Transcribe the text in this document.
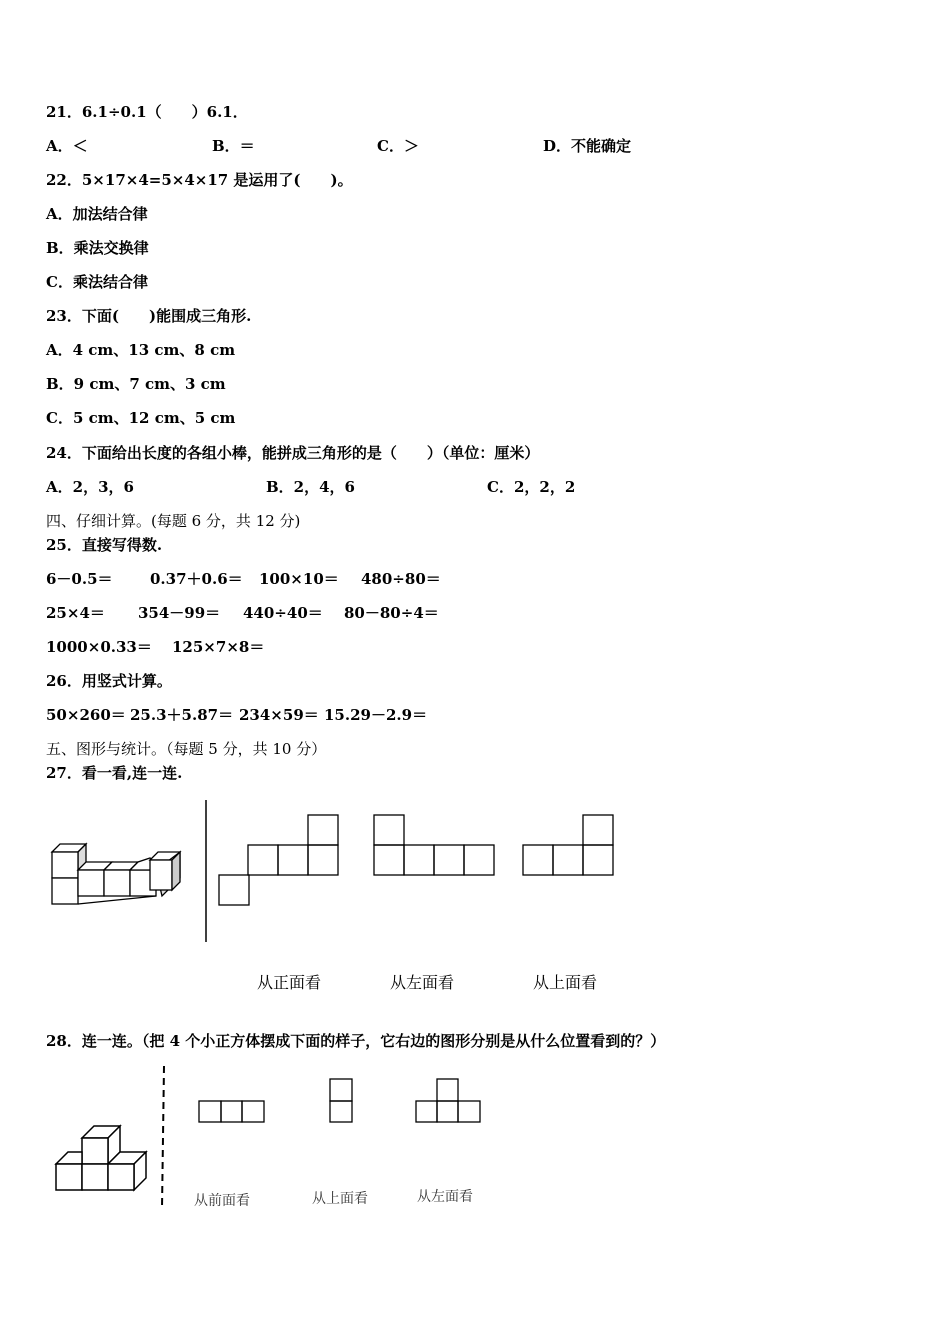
21．6.1÷0.1（　　）6.1．
A．＜	B．＝	C．＞	D．不能确定
22．5×17×4=5×4×17 是运用了(　　)。
A．加法结合律
B．乘法交换律
C．乘法结合律
23．下面(　　)能围成三角形.
A．4 cm、13 cm、8 cm
B．9 cm、7 cm、3 cm
C．5 cm、12 cm、5 cm
24．下面给出长度的各组小棒，能拼成三角形的是（　　）（单位：厘米）
A．2，3，6	B．2，4，6	C．2，2，2
四、仔细计算。(每题 6 分，共 12 分)
25．直接写得数.
6－0.5＝ 0.37＋0.6＝ 100×10＝ 480÷80＝
25×4＝ 354－99＝ 440÷40＝ 80－80÷4＝
1000×0.33＝ 125×7×8＝
26．用竖式计算。
50×260＝ 25.3＋5.87＝ 234×59＝ 15.29－2.9＝
五、图形与统计。（每题 5 分，共 10 分）
27．看一看,连一连.
从正面看	从左面看	从上面看
28．连一连。（把 4 个小正方体摆成下面的样子，它右边的图形分别是从什么位置看到的？）
从前面看	从上面看	从左面看
